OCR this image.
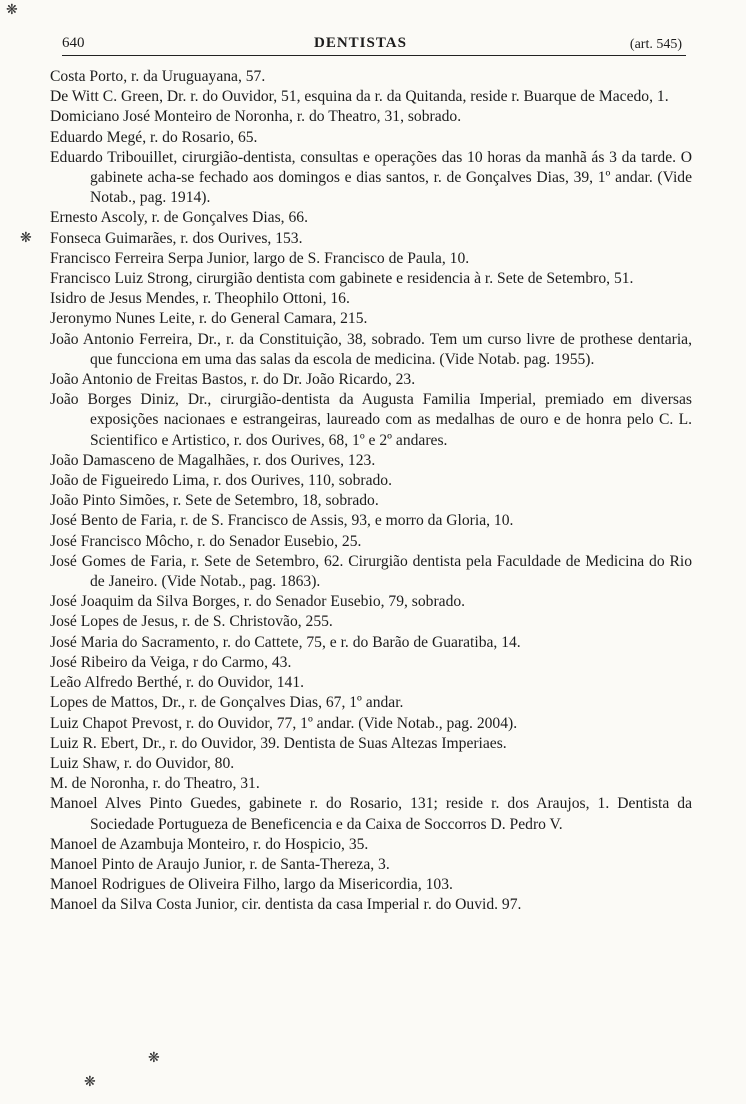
640	DENTISTAS	(art. 545)

Costa Porto, r. da Uruguayana, 57.

De Witt C. Green, Dr. r. do Ouvidor, 51, esquina da r. da Quitanda, reside r. Buarque de Macedo, 1.

Domiciano José Monteiro de Noronha, r. do Theatro, 31, sobrado.

Eduardo Megé, r. do Rosario, 65.

Eduardo Tribouillet, cirurgião-dentista, consultas e operações das 10 horas da manhã ás 3 da tarde. O gabinete acha-se fechado aos domingos e dias santos, r. de Gonçalves Dias, 39, 1º andar. (Vide Notab., pag. 1914).

Ernesto Ascoly, r. de Gonçalves Dias, 66.

Fonseca Guimarães, r. dos Ourives, 153.

Francisco Ferreira Serpa Junior, largo de S. Francisco de Paula, 10.

Francisco Luiz Strong, cirurgião dentista com gabinete e residencia à r. Sete de Setembro, 51.

Isidro de Jesus Mendes, r. Theophilo Ottoni, 16.

Jeronymo Nunes Leite, r. do General Camara, 215.

João Antonio Ferreira, Dr., r. da Constituição, 38, sobrado. Tem um curso livre de prothese dentaria, que funcciona em uma das salas da escola de medicina. (Vide Notab. pag. 1955).

João Antonio de Freitas Bastos, r. do Dr. João Ricardo, 23.

João Borges Diniz, Dr., cirurgião-dentista da Augusta Familia Imperial, premiado em diversas exposições nacionaes e estrangeiras, laureado com as medalhas de ouro e de honra pelo C. L. Scientifico e Artistico, r. dos Ourives, 68, 1º e 2º andares.

João Damasceno de Magalhães, r. dos Ourives, 123.

João de Figueiredo Lima, r. dos Ourives, 110, sobrado.

João Pinto Simões, r. Sete de Setembro, 18, sobrado.

José Bento de Faria, r. de S. Francisco de Assis, 93, e morro da Gloria, 10.

José Francisco Môcho, r. do Senador Eusebio, 25.

José Gomes de Faria, r. Sete de Setembro, 62. Cirurgião dentista pela Faculdade de Medicina do Rio de Janeiro. (Vide Notab., pag. 1863).

José Joaquim da Silva Borges, r. do Senador Eusebio, 79, sobrado.

José Lopes de Jesus, r. de S. Christovão, 255.

José Maria do Sacramento, r. do Cattete, 75, e r. do Barão de Guaratiba, 14.

José Ribeiro da Veiga, r do Carmo, 43.

Leão Alfredo Berthé, r. do Ouvidor, 141.

Lopes de Mattos, Dr., r. de Gonçalves Dias, 67, 1º andar.

Luiz Chapot Prevost, r. do Ouvidor, 77, 1º andar. (Vide Notab., pag. 2004).

Luiz R. Ebert, Dr., r. do Ouvidor, 39. Dentista de Suas Altezas Imperiaes.

Luiz Shaw, r. do Ouvidor, 80.

M. de Noronha, r. do Theatro, 31.

Manoel Alves Pinto Guedes, gabinete r. do Rosario, 131; reside r. dos Araujos, 1. Dentista da Sociedade Portugueza de Beneficencia e da Caixa de Soccorros D. Pedro V.

Manoel de Azambuja Monteiro, r. do Hospicio, 35.

Manoel Pinto de Araujo Junior, r. de Santa-Thereza, 3.

Manoel Rodrigues de Oliveira Filho, largo da Misericordia, 103.

Manoel da Silva Costa Junior, cir. dentista da casa Imperial r. do Ouvid. 97.

❋
❋
❋
❋
